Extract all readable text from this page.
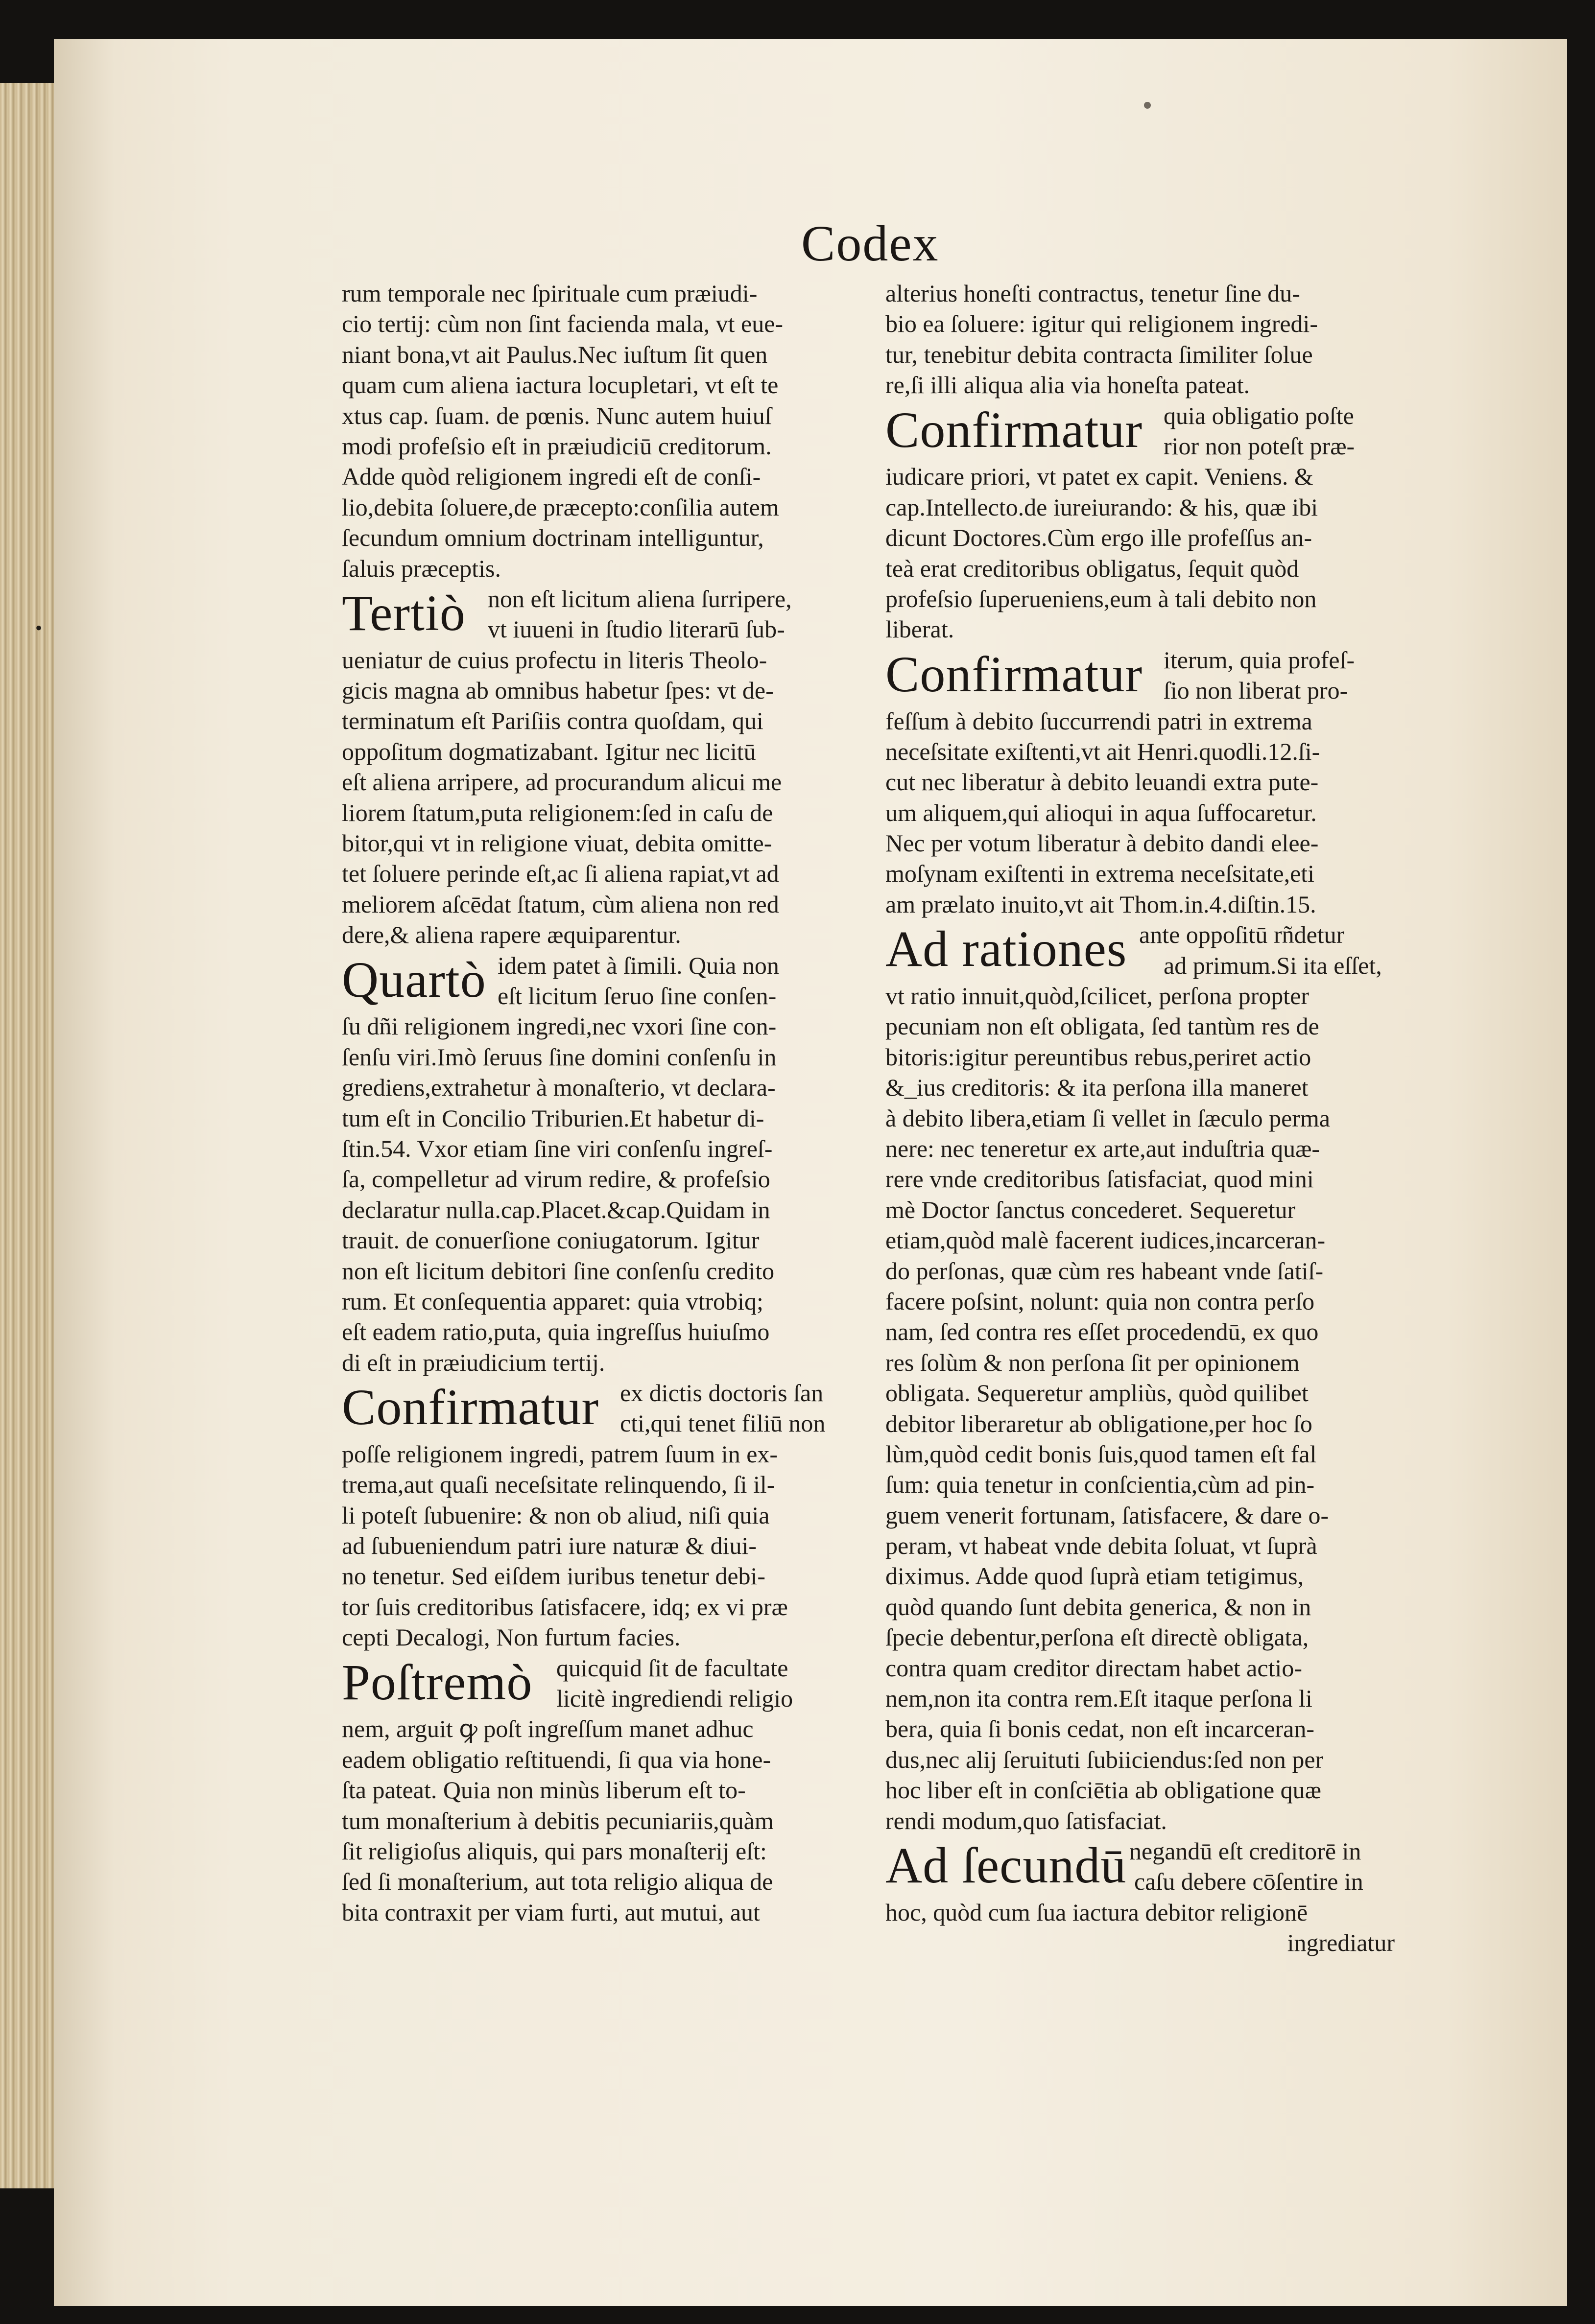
•
Codex
rum temporale nec ſpirituale cum præiudi-
cio tertij: cùm non ſint facienda mala, vt eue-
niant bona,vt ait Paulus.Nec iuſtum ſit quen
quam cum aliena iactura locupletari, vt eſt te
xtus cap. ſuam. de pœnis. Nunc autem huiuſ
modi profeſsio eſt in præiudiciū creditorum.
Adde quòd religionem ingredi eſt de conſi-
lio,debita ſoluere,de præcepto:conſilia autem
ſecundum omnium doctrinam intelliguntur,
ſaluis præceptis.
Tertiò non eſt licitum aliena ſurripere,
vt iuueni in ſtudio literarū ſub-
ueniatur de cuius profectu in literis Theolo-
gicis magna ab omnibus habetur ſpes: vt de-
terminatum eſt Pariſiis contra quoſdam, qui
oppoſitum dogmatizabant. Igitur nec licitū
eſt aliena arripere, ad procurandum alicui me
liorem ſtatum,puta religionem:ſed in caſu de
bitor,qui vt in religione viuat, debita omitte-
tet ſoluere perinde eſt,ac ſi aliena rapiat,vt ad
meliorem aſcēdat ſtatum, cùm aliena non red
dere,& aliena rapere æquiparentur.
Quartò idem patet à ſimili. Quia non
eſt licitum ſeruo ſine conſen-
ſu dñi religionem ingredi,nec vxori ſine con-
ſenſu viri.Imò ſeruus ſine domini conſenſu in
grediens,extrahetur à monaſterio, vt declara-
tum eſt in Concilio Triburien.Et habetur di-
ſtin.54. Vxor etiam ſine viri conſenſu ingreſ-
ſa, compelletur ad virum redire, & profeſsio
declaratur nulla.cap.Placet.&cap.Quidam in
trauit. de conuerſione coniugatorum. Igitur
non eſt licitum debitori ſine conſenſu credito
rum. Et conſequentia apparet: quia vtrobiq;
eſt eadem ratio,puta, quia ingreſſus huiuſmo
di eſt in præiudicium tertij.
Confirmatur ex dictis doctoris ſan
cti,qui tenet filiū non
poſſe religionem ingredi, patrem ſuum in ex-
trema,aut quaſi neceſsitate relinquendo, ſi il-
li poteſt ſubuenire: & non ob aliud, niſi quia
ad ſubueniendum patri iure naturæ & diui-
no tenetur. Sed eiſdem iuribus tenetur debi-
tor ſuis creditoribus ſatisfacere, idq; ex vi præ
cepti Decalogi, Non furtum facies.
Poſtremò quicquid ſit de facultate
licitè ingrediendi religio
nem, arguit ꝙ poſt ingreſſum manet adhuc
eadem obligatio reſtituendi, ſi qua via hone-
ſta pateat. Quia non minùs liberum eſt to-
tum monaſterium à debitis pecuniariis,quàm
ſit religioſus aliquis, qui pars monaſterij eſt:
ſed ſi monaſterium, aut tota religio aliqua de
bita contraxit per viam furti, aut mutui, aut
alterius honeſti contractus, tenetur ſine du-
bio ea ſoluere: igitur qui religionem ingredi-
tur, tenebitur debita contracta ſimiliter ſolue
re,ſi illi aliqua alia via honeſta pateat.
Confirmatur quia obligatio poſte
rior non poteſt præ-
iudicare priori, vt patet ex capit. Veniens. &
cap.Intellecto.de iureiurando: & his, quæ ibi
dicunt Doctores.Cùm ergo ille profeſſus an-
teà erat creditoribus obligatus, ſequit quòd
profeſsio ſuperueniens,eum à tali debito non
liberat.
Confirmatur iterum, quia profeſ-
ſio non liberat pro-
feſſum à debito ſuccurrendi patri in extrema
neceſsitate exiſtenti,vt ait Henri.quodli.12.ſi-
cut nec liberatur à debito leuandi extra pute-
um aliquem,qui alioqui in aqua ſuffocaretur.
Nec per votum liberatur à debito dandi elee-
moſynam exiſtenti in extrema neceſsitate,eti
am prælato inuito,vt ait Thom.in.4.diſtin.15.
Ad rationes ante oppoſitū rñdetur
ad primum.Si ita eſſet,
vt ratio innuit,quòd,ſcilicet, perſona propter
pecuniam non eſt obligata, ſed tantùm res de
bitoris:igitur pereuntibus rebus,periret actio
&_ius creditoris: & ita perſona illa maneret
à debito libera,etiam ſi vellet in ſæculo perma
nere: nec teneretur ex arte,aut induſtria quæ-
rere vnde creditoribus ſatisfaciat, quod mini
mè Doctor ſanctus concederet. Sequeretur
etiam,quòd malè facerent iudices,incarceran-
do perſonas, quæ cùm res habeant vnde ſatiſ-
facere poſsint, nolunt: quia non contra perſo
nam, ſed contra res eſſet procedendū, ex quo
res ſolùm & non perſona ſit per opinionem
obligata. Sequeretur ampliùs, quòd quilibet
debitor liberaretur ab obligatione,per hoc ſo
lùm,quòd cedit bonis ſuis,quod tamen eſt fal
ſum: quia tenetur in conſcientia,cùm ad pin-
guem venerit fortunam, ſatisfacere, & dare o-
peram, vt habeat vnde debita ſoluat, vt ſuprà
diximus. Adde quod ſuprà etiam tetigimus,
quòd quando ſunt debita generica, & non in
ſpecie debentur,perſona eſt directè obligata,
contra quam creditor directam habet actio-
nem,non ita contra rem.Eſt itaque perſona li
bera, quia ſi bonis cedat, non eſt incarceran-
dus,nec alij ſeruituti ſubiiciendus:ſed non per
hoc liber eſt in conſciētia ab obligatione quæ
rendi modum,quo ſatisfaciat.
Ad ſecundū negandū eſt creditorē in
caſu debere cōſentire in
hoc, quòd cum ſua iactura debitor religionē
ingrediatur
